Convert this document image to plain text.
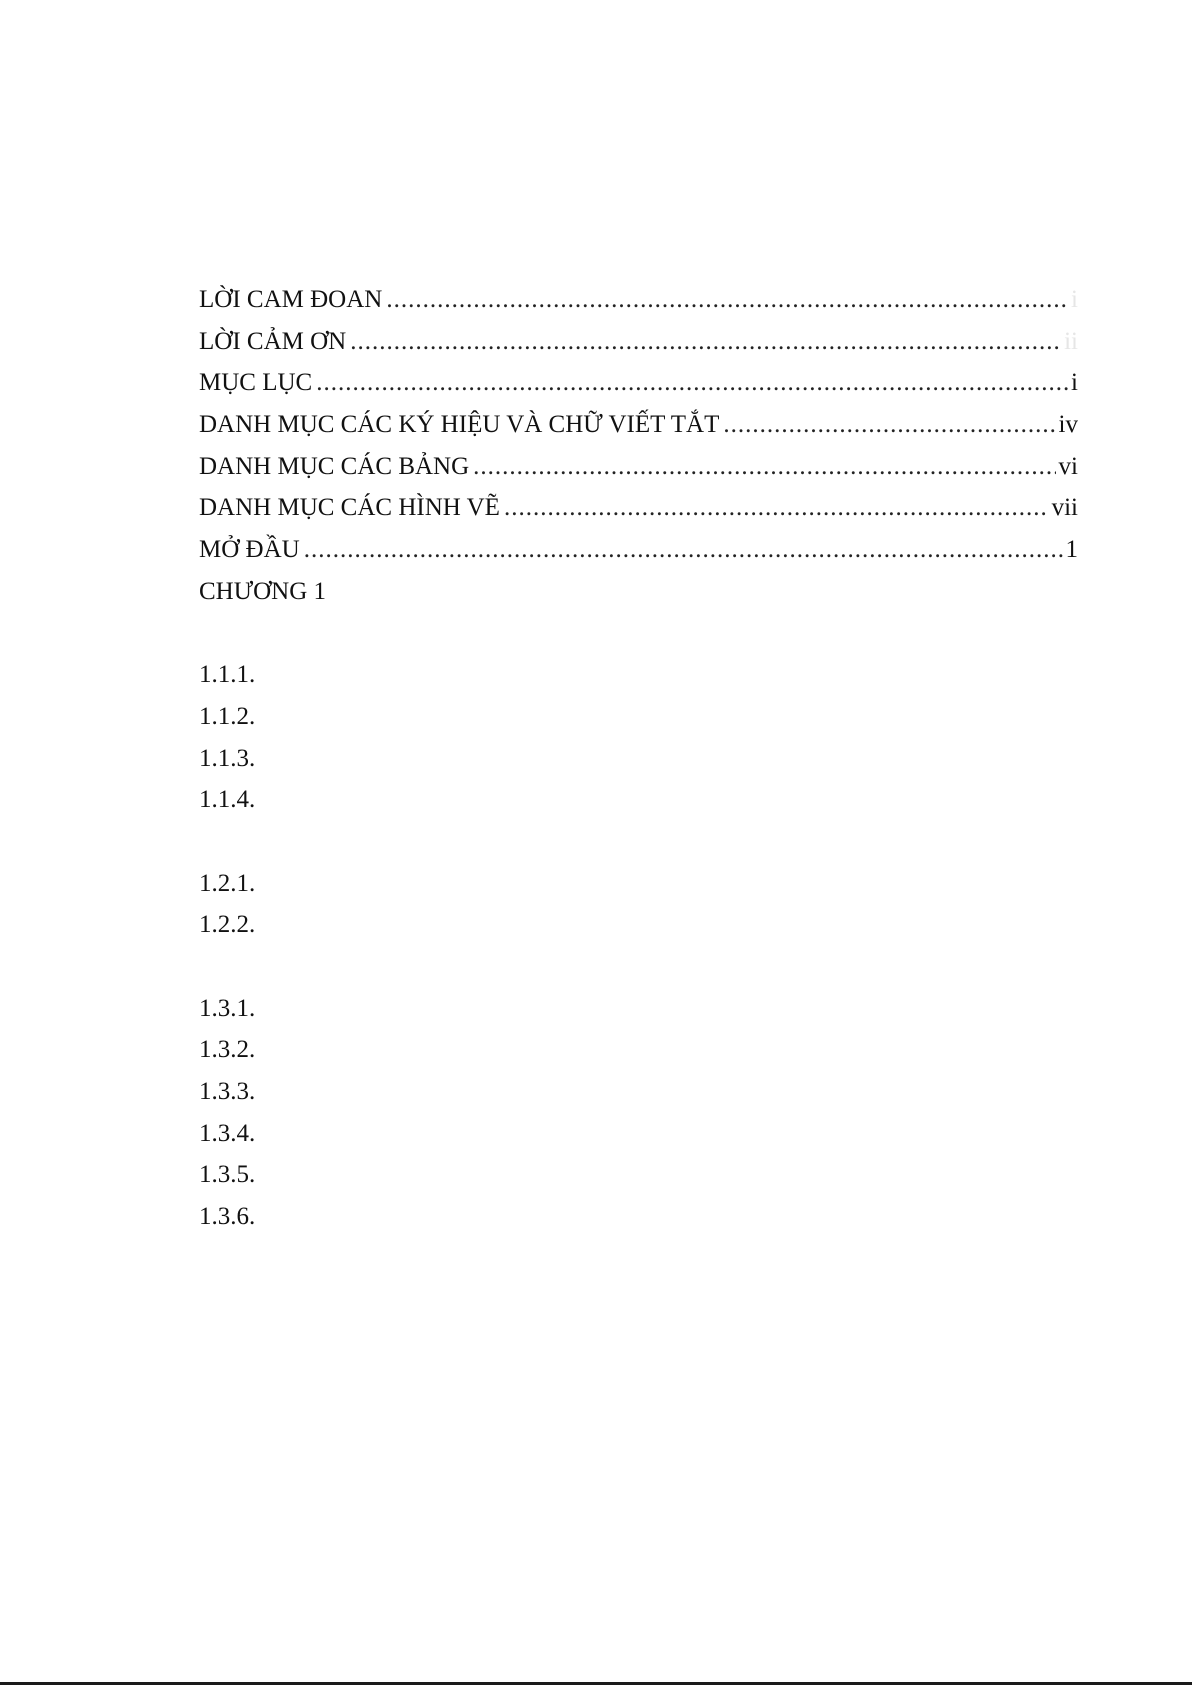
LỜI CAM ĐOAN .....	i
LỜI CẢM ƠN .....	ii
MỤC LỤC .....	i
DANH MỤC CÁC KÝ HIỆU VÀ CHỮ VIẾT TẮT .....	iv
DANH MỤC CÁC BẢNG .....	vi
DANH MỤC CÁC HÌNH VẼ .....	vii
MỞ ĐẦU .....	1
CHƯƠNG 1
1.1.1.
1.1.2.
1.1.3.
1.1.4.
1.2.1.
1.2.2.
1.3.1.
1.3.2.
1.3.3.
1.3.4.
1.3.5.
1.3.6.
